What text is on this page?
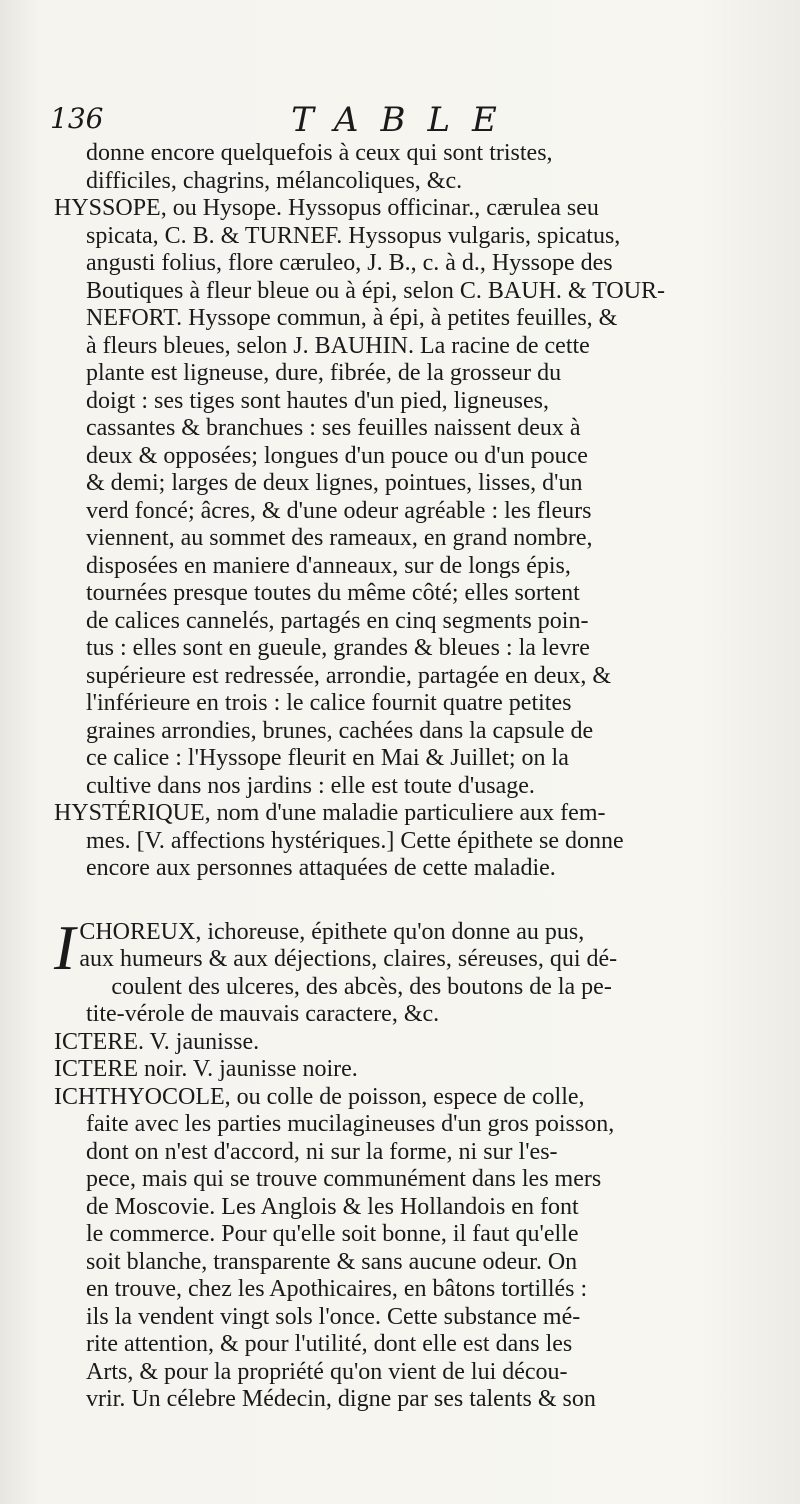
136	TABLE
donne encore quelquefois à ceux qui sont tristes,
difficiles, chagrins, mélancoliques, &c.
HYSSOPE, ou Hysope. Hyssopus officinar., cærulea seu
spicata, C. B. & TURNEF. Hyssopus vulgaris, spicatus,
angusti folius, flore cæruleo, J. B., c. à d., Hyssope des
Boutiques à fleur bleue ou à épi, selon C. BAUH. & TOUR-
NEFORT. Hyssope commun, à épi, à petites feuilles, &
à fleurs bleues, selon J. BAUHIN. La racine de cette
plante est ligneuse, dure, fibrée, de la grosseur du
doigt : ses tiges sont hautes d'un pied, ligneuses,
cassantes & branchues : ses feuilles naissent deux à
deux & opposées; longues d'un pouce ou d'un pouce
& demi; larges de deux lignes, pointues, lisses, d'un
verd foncé; âcres, & d'une odeur agréable : les fleurs
viennent, au sommet des rameaux, en grand nombre,
disposées en maniere d'anneaux, sur de longs épis,
tournées presque toutes du même côté; elles sortent
de calices cannelés, partagés en cinq segments poin-
tus : elles sont en gueule, grandes & bleues : la levre
supérieure est redressée, arrondie, partagée en deux, &
l'inférieure en trois : le calice fournit quatre petites
graines arrondies, brunes, cachées dans la capsule de
ce calice : l'Hyssope fleurit en Mai & Juillet; on la
cultive dans nos jardins : elle est toute d'usage.
HYSTÉRIQUE, nom d'une maladie particuliere aux fem-
mes. [V. affections hystériques.] Cette épithete se donne
encore aux personnes attaquées de cette maladie.
I CHOREUX, ichoreuse, épithete qu'on donne au pus,
aux humeurs & aux déjections, claires, séreuses, qui dé-
coulent des ulceres, des abcès, des boutons de la pe-
tite-vérole de mauvais caractere, &c.
ICTERE. V. jaunisse.
ICTERE noir. V. jaunisse noire.
ICHTHYOCOLE, ou colle de poisson, espece de colle,
faite avec les parties mucilagineuses d'un gros poisson,
dont on n'est d'accord, ni sur la forme, ni sur l'es-
pece, mais qui se trouve communément dans les mers
de Moscovie. Les Anglois & les Hollandois en font
le commerce. Pour qu'elle soit bonne, il faut qu'elle
soit blanche, transparente & sans aucune odeur. On
en trouve, chez les Apothicaires, en bâtons tortillés :
ils la vendent vingt sols l'once. Cette substance mé-
rite attention, & pour l'utilité, dont elle est dans les
Arts, & pour la propriété qu'on vient de lui décou-
vrir. Un célebre Médecin, digne par ses talents & son
